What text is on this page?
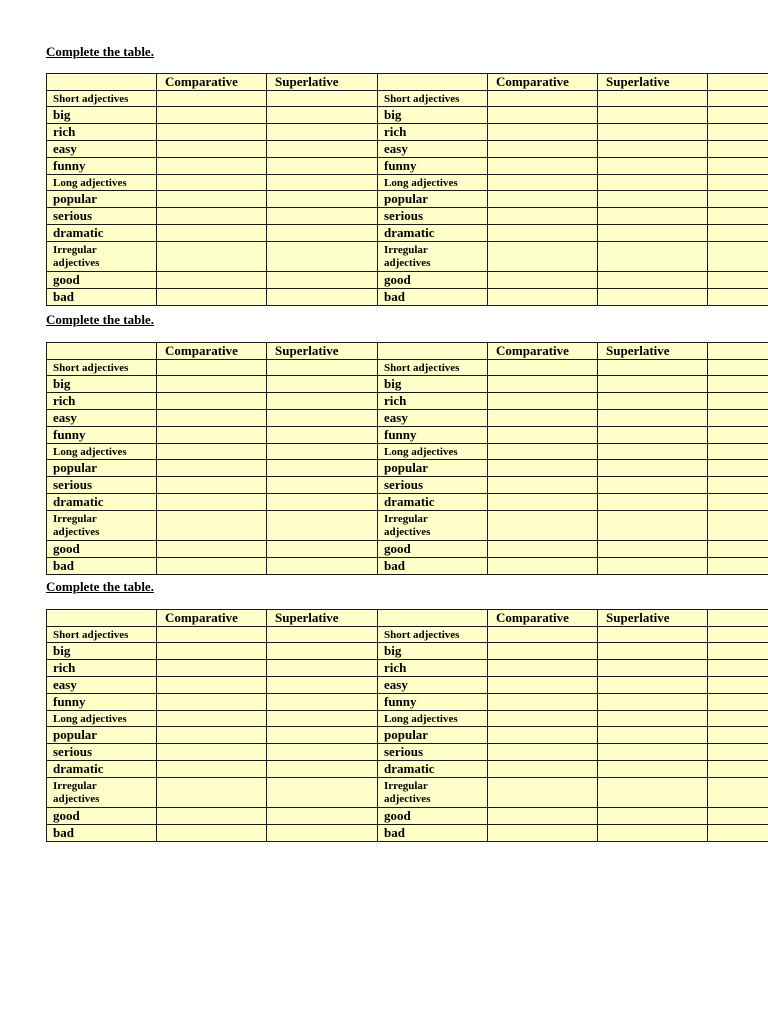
Complete the table.

	Comparative	Superlative		Comparative	Superlative	
Short adjectives			Short adjectives			
big			big			
rich			rich			
easy			easy			
funny			funny			
Long adjectives			Long adjectives			
popular			popular			
serious			serious			
dramatic			dramatic			
Irregular
adjectives			Irregular
adjectives			
good			good			
bad			bad			

Complete the table.

	Comparative	Superlative		Comparative	Superlative	
Short adjectives			Short adjectives			
big			big			
rich			rich			
easy			easy			
funny			funny			
Long adjectives			Long adjectives			
popular			popular			
serious			serious			
dramatic			dramatic			
Irregular
adjectives			Irregular
adjectives			
good			good			
bad			bad			

Complete the table.

	Comparative	Superlative		Comparative	Superlative	
Short adjectives			Short adjectives			
big			big			
rich			rich			
easy			easy			
funny			funny			
Long adjectives			Long adjectives			
popular			popular			
serious			serious			
dramatic			dramatic			
Irregular
adjectives			Irregular
adjectives			
good			good			
bad			bad			
